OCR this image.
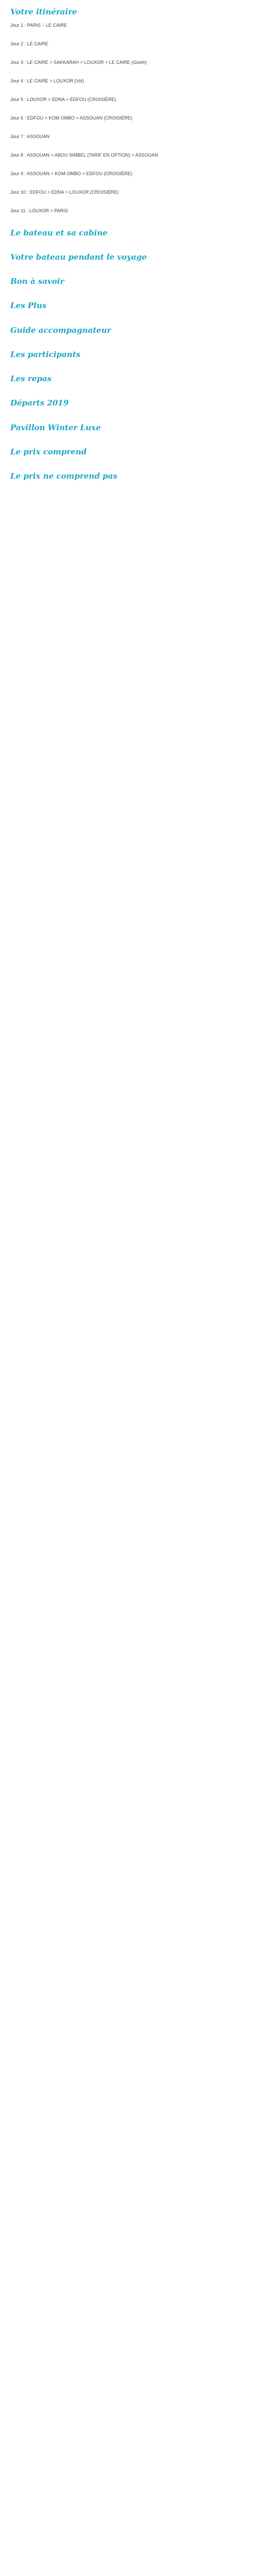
Votre itinéraire
Jour 1 : PARIS – LE CAIRE
Jour 2 : LE CAIRE
Jour 3 : LE CAIRE > SAKKARAH > LOUXOR > LE CAIRE (Gizeh)
Jour 4 : LE CAIRE > LOUXOR (Vol)
Jour 5 : LOUXOR > EDNA > EDFOU (CROISIÈRE)
Jour 6 : EDFOU > KOM OMBO > ASSOUAN (CROISIÈRE)
Jour 7 : ASSOUAN
Jour 8 : ASSOUAN > ABOU SIMBEL (TARIF EN OPTION) > ASSOUAN
Jour 9 : ASSOUAN > KOM OMBO > EDFOU (CROISIÈRE)
Jour 10 : EDFOU > EDNA > LOUXOR (CROISIÈRE)
Jour 11 : LOUXOR > PARIS
Le bateau et sa cabine
Votre bateau pendant le voyage
Bon à savoir
Les Plus
Guide accompagnateur
Les participants
Les repas
Départs 2019
Pavillon Winter Luxe
Le prix comprend
Le prix ne comprend pas
